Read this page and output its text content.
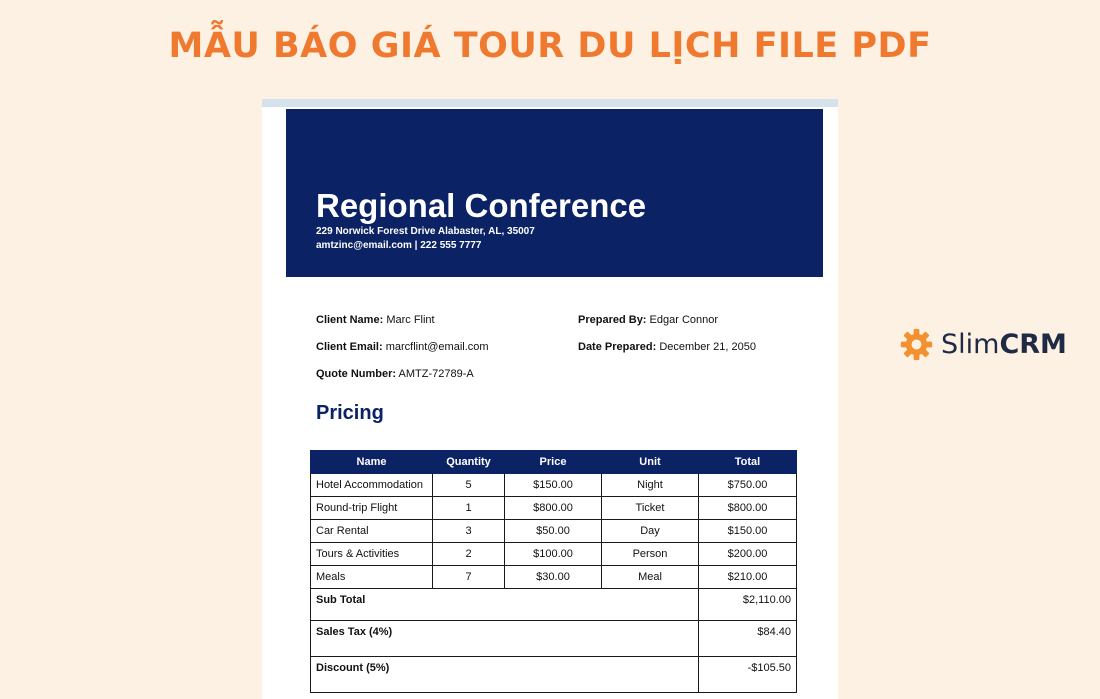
MẪU BÁO GIÁ TOUR DU LỊCH FILE PDF
SlimCRM
Regional Conference
229 Norwick Forest Drive Alabaster, AL, 35007
amtzinc@email.com | 222 555 7777
Client Name: Marc Flint
Client Email: marcflint@email.com
Quote Number: AMTZ-72789-A
Prepared By: Edgar Connor
Date Prepared: December 21, 2050
Pricing
Name	Quantity	Price	Unit	Total
Hotel Accommodation	5	$150.00	Night	$750.00
Round-trip Flight	1	$800.00	Ticket	$800.00
Car Rental	3	$50.00	Day	$150.00
Tours & Activities	2	$100.00	Person	$200.00
Meals	7	$30.00	Meal	$210.00
Sub Total				$2,110.00
Sales Tax (4%)				$84.40
Discount (5%)				-$105.50
